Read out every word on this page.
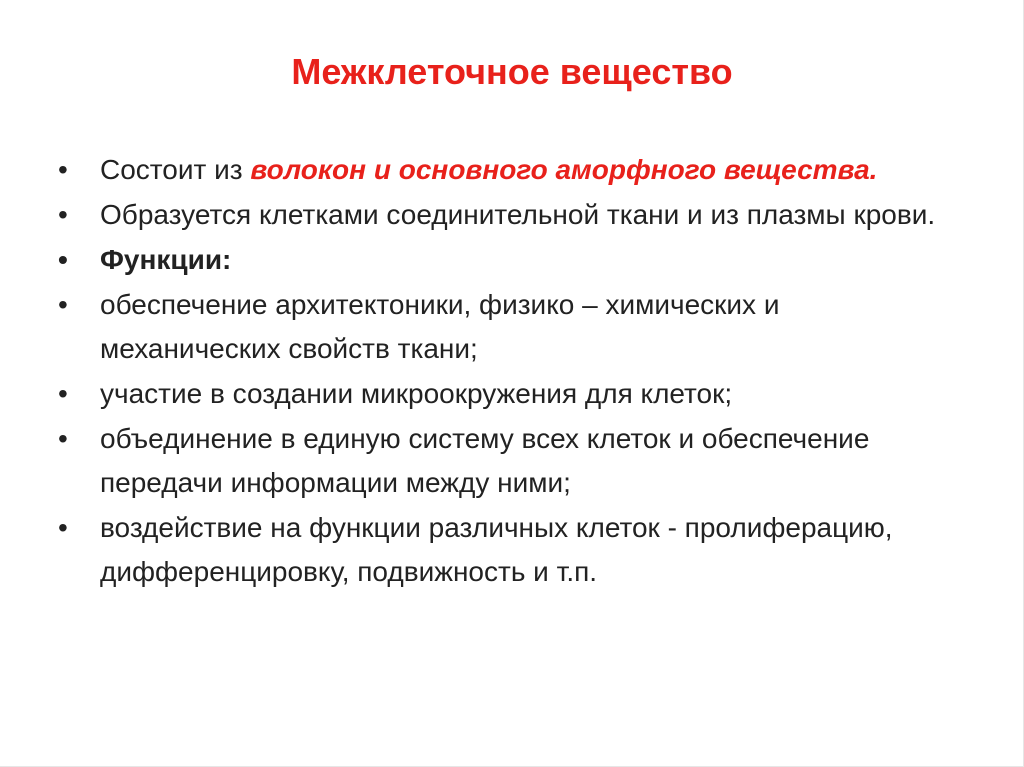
Межклеточное вещество
•	Состоит из волокон и основного аморфного вещества.
•	Образуется клетками соединительной ткани и из плазмы крови.
•	Функции:
•	обеспечение архитектоники, физико – химических и механических свойств ткани;
•	участие в создании микроокружения для клеток;
•	объединение в единую систему всех клеток и обеспечение передачи информации между ними;
•	воздействие на функции различных клеток - пролиферацию, дифференцировку, подвижность и т.п.
